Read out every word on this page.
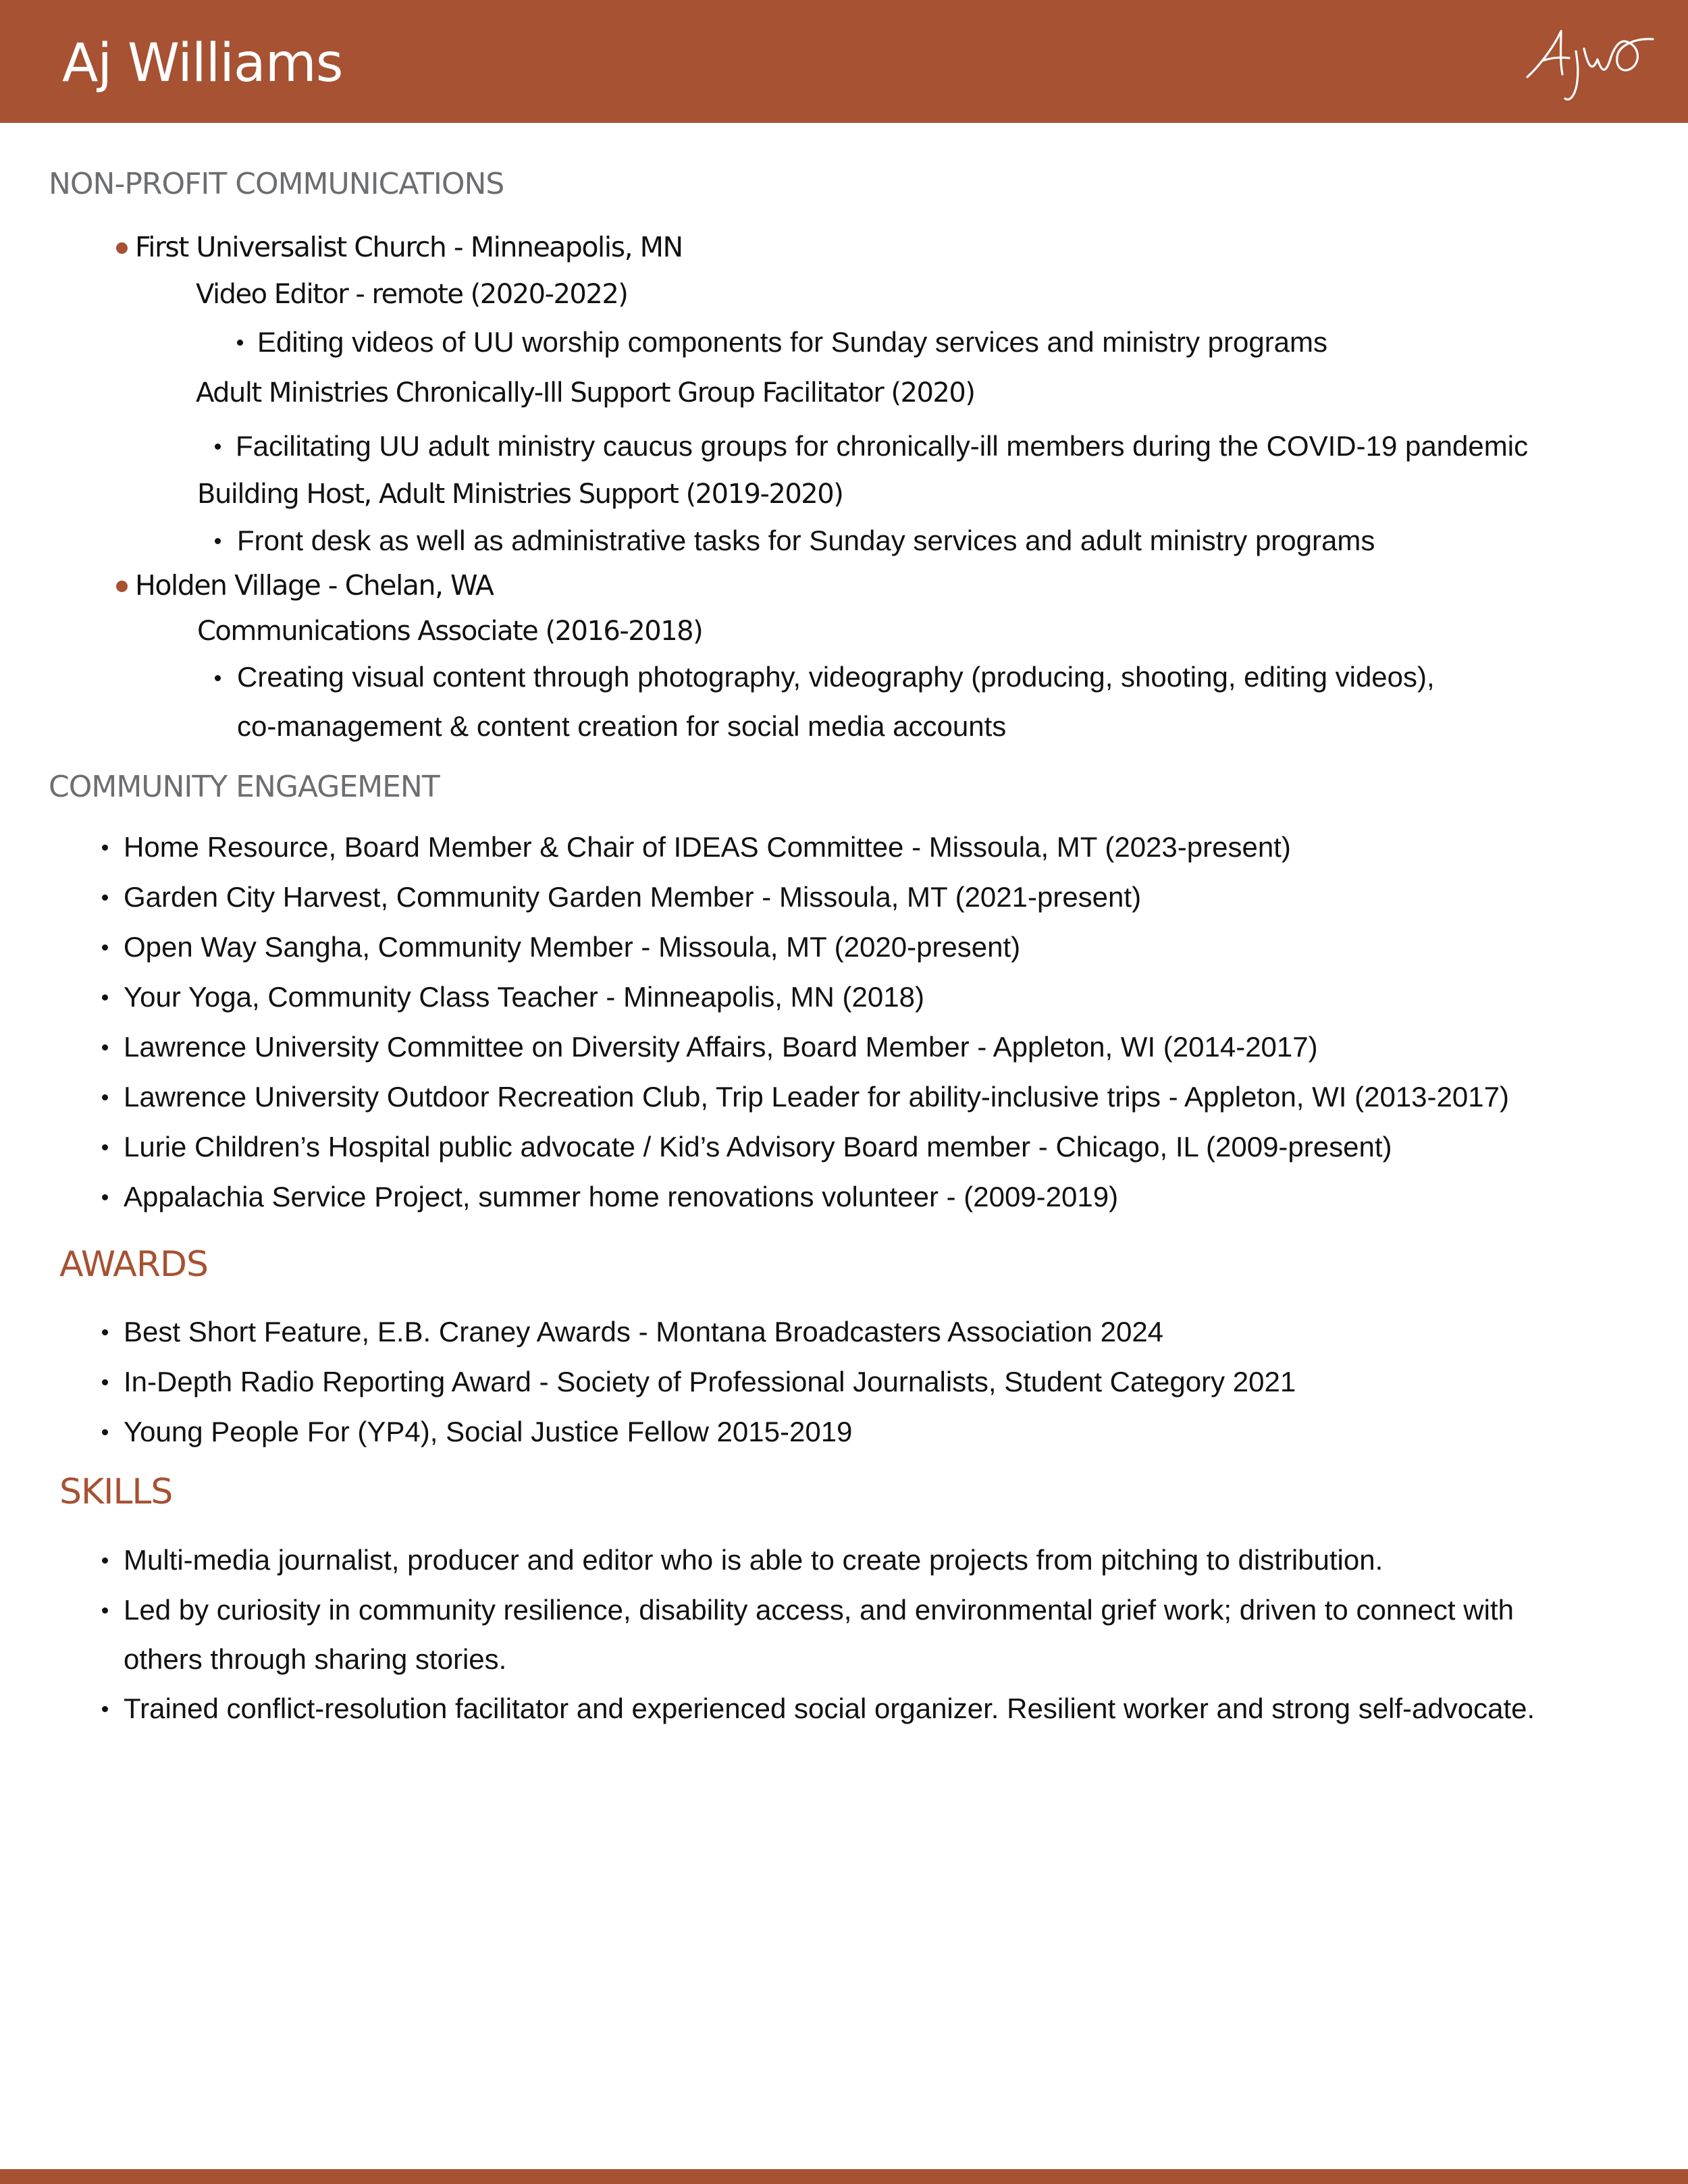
Aj Williams
NON-PROFIT COMMUNICATIONS
First Universalist Church - Minneapolis, MN
Video Editor - remote (2020-2022)
Editing videos of UU worship components for Sunday services and ministry programs
Adult Ministries Chronically-Ill Support Group Facilitator (2020)
Facilitating UU adult ministry caucus groups for chronically-ill members during the COVID-19 pandemic
Building Host, Adult Ministries Support (2019-2020)
Front desk as well as administrative tasks for Sunday services and adult ministry programs
Holden Village - Chelan, WA
Communications Associate (2016-2018)
Creating visual content through photography, videography (producing, shooting, editing videos),
co-management & content creation for social media accounts
COMMUNITY ENGAGEMENT
Home Resource, Board Member & Chair of IDEAS Committee - Missoula, MT (2023-present)
Garden City Harvest, Community Garden Member - Missoula, MT (2021-present)
Open Way Sangha, Community Member - Missoula, MT (2020-present)
Your Yoga, Community Class Teacher - Minneapolis, MN (2018)
Lawrence University Committee on Diversity Affairs, Board Member - Appleton, WI (2014-2017)
Lawrence University Outdoor Recreation Club, Trip Leader for ability-inclusive trips - Appleton, WI (2013-2017)
Lurie Children’s Hospital public advocate / Kid’s Advisory Board member - Chicago, IL (2009-present)
Appalachia Service Project, summer home renovations volunteer - (2009-2019)
AWARDS
Best Short Feature, E.B. Craney Awards - Montana Broadcasters Association 2024
In-Depth Radio Reporting Award - Society of Professional Journalists, Student Category 2021
Young People For (YP4), Social Justice Fellow 2015-2019
SKILLS
Multi-media journalist, producer and editor who is able to create projects from pitching to distribution.
Led by curiosity in community resilience, disability access, and environmental grief work; driven to connect with
others through sharing stories.
Trained conflict-resolution facilitator and experienced social organizer. Resilient worker and strong self-advocate.
